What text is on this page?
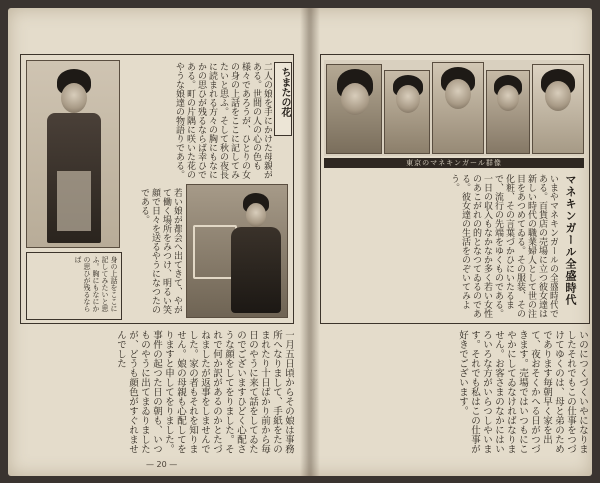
二人の娘を手にかけた母親がある。世間の人の心の色も様々であろうが、ひとりの女の身の上話をここに記してみたいと思ふ。そして秋の夜長に読まれる方々の胸にもなにかの思ひが残るならば幸ひである。町の片隅に咲いた花のやうな娘達の物語りである。	ちまたの花
若い娘が都会へ出てきて、やがて働く場所をみつけ、明るい笑顔で日々を送るやうになつたのである。
身の上話をここに記してみたいと思ふ。胸にもなにかの思ひが残るならば
一月五日頃からその娘は事務所へなりまして、手紙をたのまれたり十日ばかり前から毎日のやうに来て話をしてゐたのでございますひどく心配さうな顔をしてをりました。それで何か訳があるのかとたづねましたが返事をしませんでした。家の者もそれを知りません。娘の母親も心配してをりますと申してをりました。事件の起つた日の朝も、いつものやうに出てまゐりましたが、どうも顔色がすぐれませんでした
— 20 —
東京のマネキンガール群像
マネキンガール全盛時代
いまやマネキンガールの全盛時代である。百貨店の売場に立つ彼女達は新しい時代の職業婦人として世の注目をあつめてゐる。その服装、その化粧、その言葉づかひにいたるまで、流行の先端をゆくものである。一日の収入もなかなか多く若い女性のあこがれの的となつてゐるのである。彼女達の生活をのぞいてみよう。
いのにつくづくいやになりましたそれでもこの仕事をつづけてゆくのは、母と弟のためであります毎朝早く家を出て、夜おそくかへる日がつづきます。売場ではいつもにこやかにしてゐなければなりません。お客さまのなかにはいろいろな方がいらつしやいます。それでも私はこの仕事が好きでございます。
